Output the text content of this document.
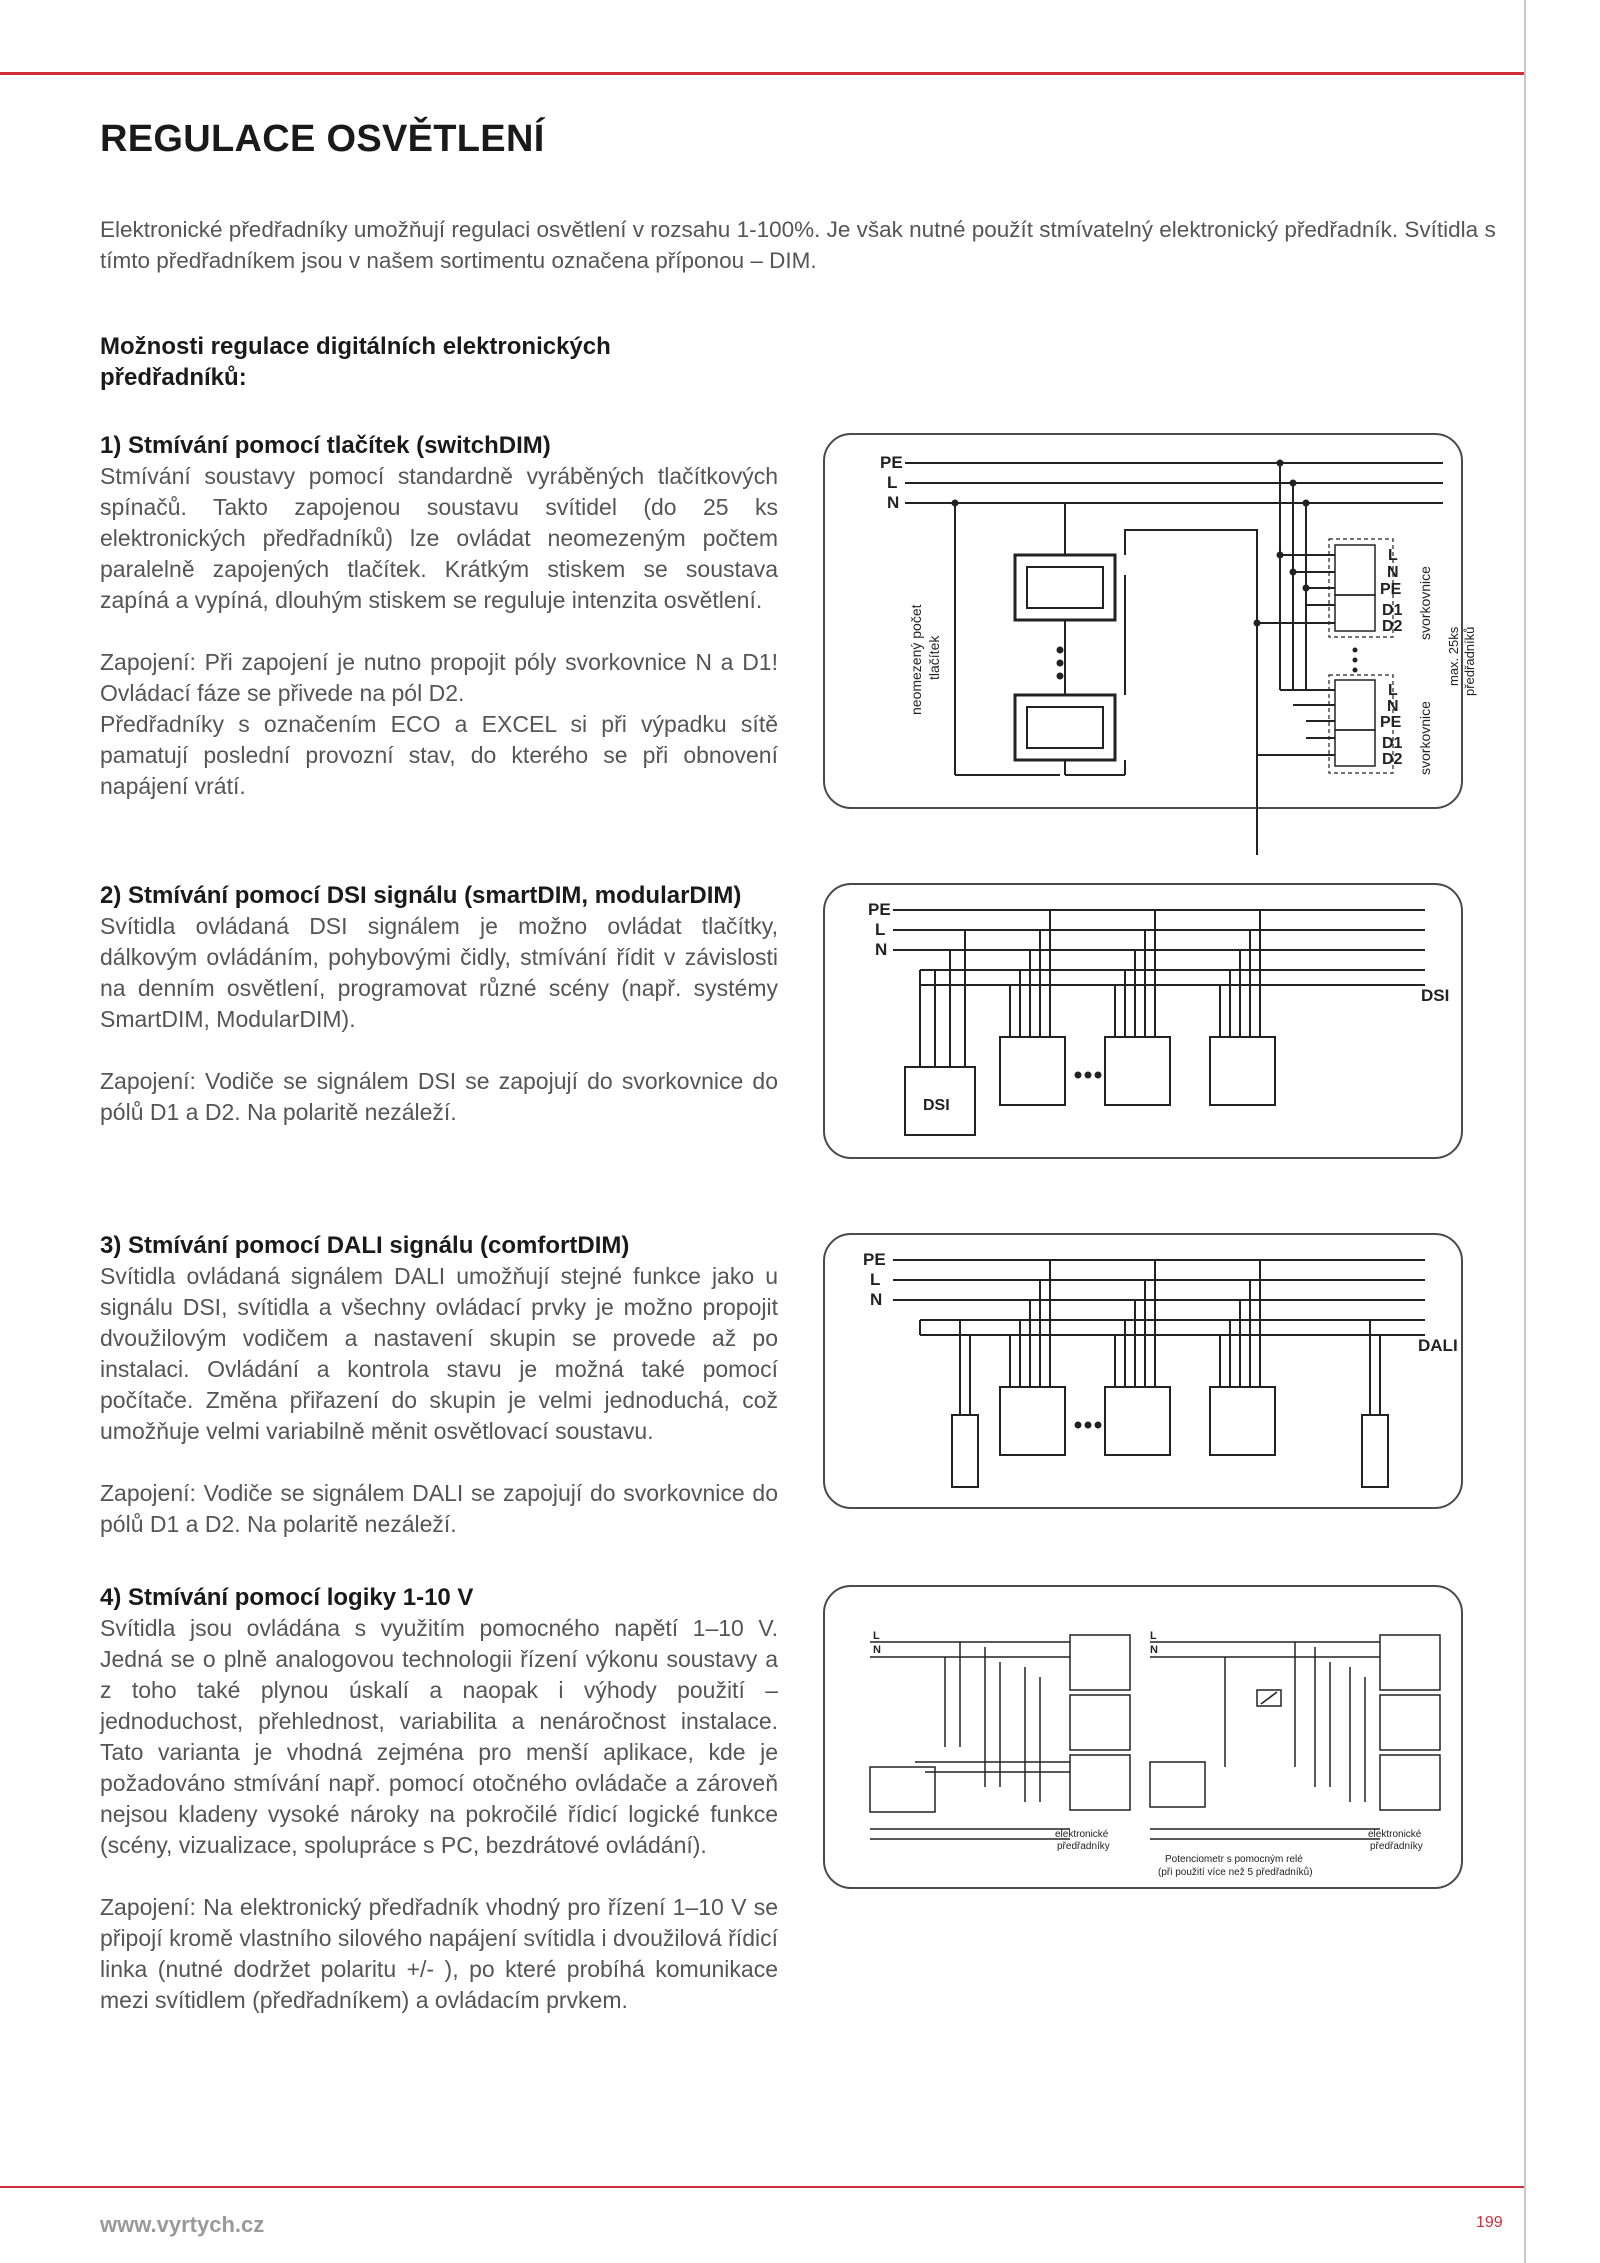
REGULACE OSVĚTLENÍ
Elektronické předřadníky umožňují regulaci osvětlení v rozsahu 1-100%. Je však nutné použít stmívatelný elektronický předřadník. Svítidla s tímto předřadníkem jsou v našem sortimentu označena příponou – DIM.
Možnosti regulace digitálních elektronických předřadníků:

1) Stmívání pomocí tlačítek (switchDIM)

Stmívání soustavy pomocí standardně vyráběných tlačítkových spínačů. Takto zapojenou soustavu svítidel (do 25 ks elektronických předřadníků) lze ovládat neomezeným počtem paralelně zapojených tlačítek. Krátkým stiskem se soustava zapíná a vypíná, dlouhým stiskem se reguluje intenzita osvětlení.

Zapojení: Při zapojení je nutno propojit póly svorkovnice N a D1! Ovládací fáze se přivede na pól D2.

Předřadníky s označením ECO a EXCEL si při výpadku sítě pamatují poslední provozní stav, do kterého se při obnovení napájení vrátí.

2) Stmívání pomocí DSI signálu (smartDIM, modularDIM)

Svítidla ovládaná DSI signálem je možno ovládat tlačítky, dálkovým ovládáním, pohybovými čidly, stmívání řídit v závislosti na denním osvětlení, programovat různé scény (např. systémy SmartDIM, ModularDIM).

Zapojení: Vodiče se signálem DSI se zapojují do svorkovnice do pólů D1 a D2. Na polaritě nezáleží.

3) Stmívání pomocí DALI signálu (comfortDIM)

Svítidla ovládaná signálem DALI umožňují stejné funkce jako u signálu DSI, svítidla a všechny ovládací prvky je možno propojit dvoužilovým vodičem a nastavení skupin se provede až po instalaci. Ovládání a kontrola stavu je možná také pomocí počítače. Změna přiřazení do skupin je velmi jednoduchá, což umožňuje velmi variabilně měnit osvětlovací soustavu.

Zapojení: Vodiče se signálem DALI se zapojují do svorkovnice do pólů D1 a D2. Na polaritě nezáleží.

4) Stmívání pomocí logiky 1-10 V

Svítidla jsou ovládána s využitím pomocného napětí 1–10 V. Jedná se o plně analogovou technologii řízení výkonu soustavy a z toho také plynou úskalí a naopak i výhody použití – jednoduchost, přehlednost, variabilita a nenáročnost instalace. Tato varianta je vhodná zejména pro menší aplikace, kde je požadováno stmívání např. pomocí otočného ovládače a zároveň nejsou kladeny vysoké nároky na pokročilé řídicí logické funkce (scény, vizualizace, spolupráce s PC, bezdrátové ovládání).

Zapojení: Na elektronický předřadník vhodný pro řízení 1–10 V se připojí kromě vlastního silového napájení svítidla i dvoužilová řídicí linka (nutné dodržet polaritu +/- ), po které probíhá komunikace mezi svítidlem (předřadníkem) a ovládacím prvkem.

PE
L
N
neomezený počet tlačítek
L
N
PE
D1
D2
L
N
PE
D1
D2
svorkovnice
svorkovnice
max. 25ks předřadníků
PE
L
N
DSI
DSI
PE
L
N
DALI
L
N
L
N
elektronické
předřadníky
elektronické
předřadníky
Potenciometr s pomocným relé
(při použití více než 5 předřadníků)
www.vyrtych.cz	199
